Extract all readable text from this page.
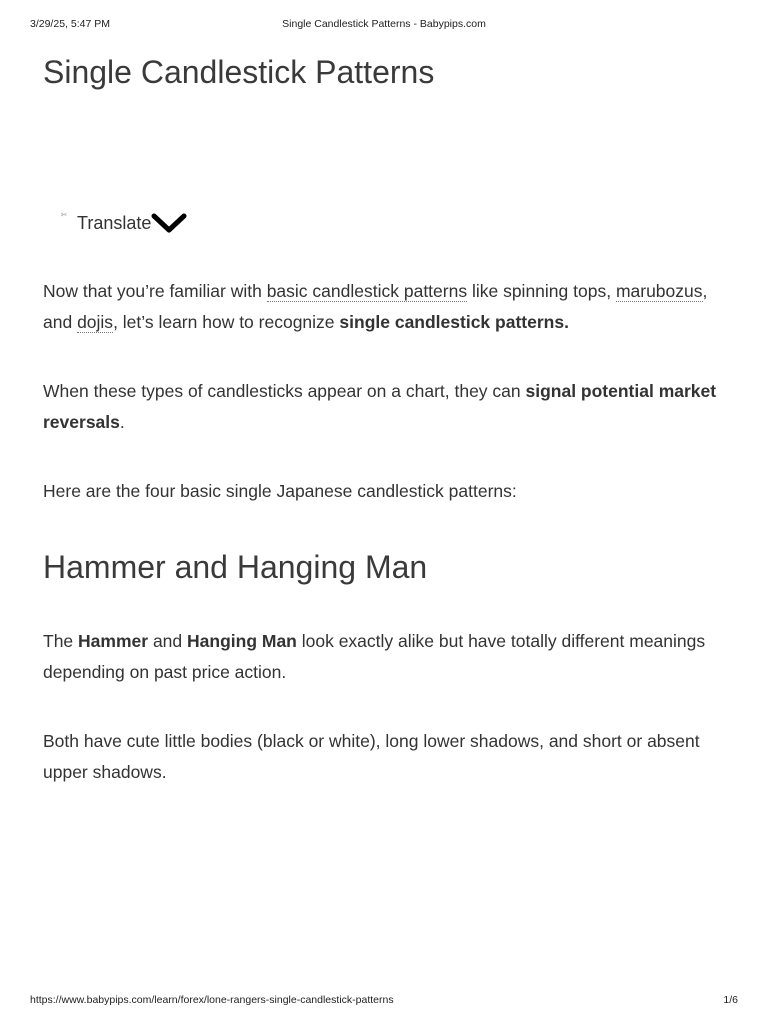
3/29/25, 5:47 PM	Single Candlestick Patterns - Babypips.com
Single Candlestick Patterns
✄ Translate

Now that you’re familiar with basic candlestick patterns like spinning tops, marubozus, and dojis, let’s learn how to recognize single candlestick patterns.

When these types of candlesticks appear on a chart, they can signal potential market reversals.

Here are the four basic single Japanese candlestick patterns:

Hammer and Hanging Man

The Hammer and Hanging Man look exactly alike but have totally different meanings depending on past price action.

Both have cute little bodies (black or white), long lower shadows, and short or absent upper shadows.

https://www.babypips.com/learn/forex/lone-rangers-single-candlestick-patterns	1/6
